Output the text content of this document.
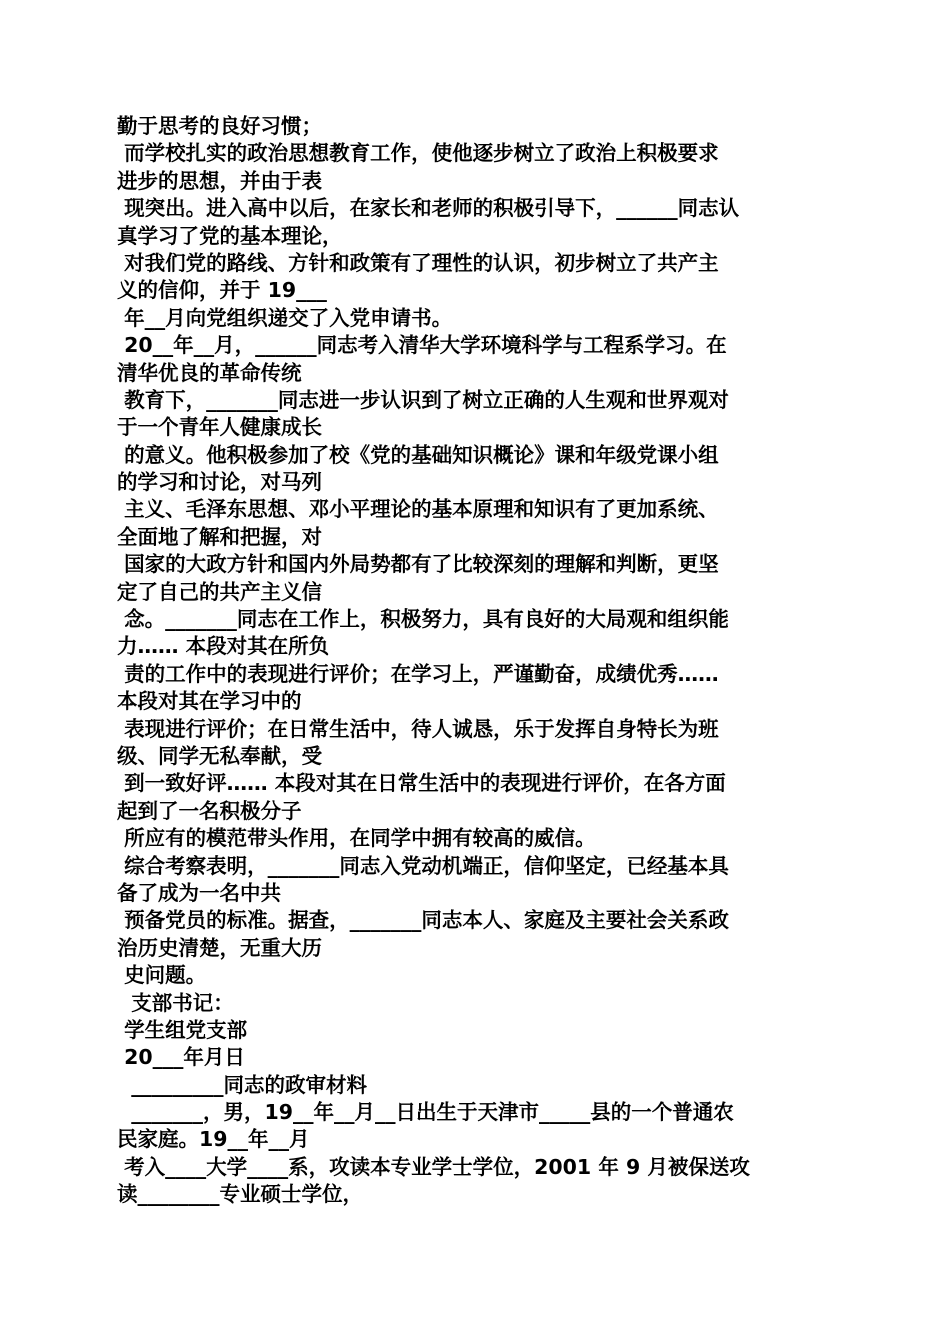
勤于思考的良好习惯；
而学校扎实的政治思想教育工作，使他逐步树立了政治上积极要求
进步的思想，并由于表
现突出。进入高中以后，在家长和老师的积极引导下，______同志认
真学习了党的基本理论，
对我们党的路线、方针和政策有了理性的认识，初步树立了共产主
义的信仰，并于 19___
年__月向党组织递交了入党申请书。
20__年__月，______同志考入清华大学环境科学与工程系学习。在
清华优良的革命传统
教育下，_______同志进一步认识到了树立正确的人生观和世界观对
于一个青年人健康成长
的意义。他积极参加了校《党的基础知识概论》课和年级党课小组
的学习和讨论，对马列
主义、毛泽东思想、邓小平理论的基本原理和知识有了更加系统、
全面地了解和把握，对
国家的大政方针和国内外局势都有了比较深刻的理解和判断，更坚
定了自己的共产主义信
念。_______同志在工作上，积极努力，具有良好的大局观和组织能
力…… 本段对其在所负
责的工作中的表现进行评价；在学习上，严谨勤奋，成绩优秀……
本段对其在学习中的
表现进行评价；在日常生活中，待人诚恳，乐于发挥自身特长为班
级、同学无私奉献，受
到一致好评…… 本段对其在日常生活中的表现进行评价，在各方面
起到了一名积极分子
所应有的模范带头作用，在同学中拥有较高的威信。
综合考察表明，_______同志入党动机端正，信仰坚定，已经基本具
备了成为一名中共
预备党员的标准。据查，_______同志本人、家庭及主要社会关系政
治历史清楚，无重大历
史问题。
支部书记：
学生组党支部
20___年月日
_________同志的政审材料
_______，男，19__年__月__日出生于天津市_____县的一个普通农
民家庭。19__年__月
考入____大学____系，攻读本专业学士学位，2001 年 9 月被保送攻
读________专业硕士学位，
